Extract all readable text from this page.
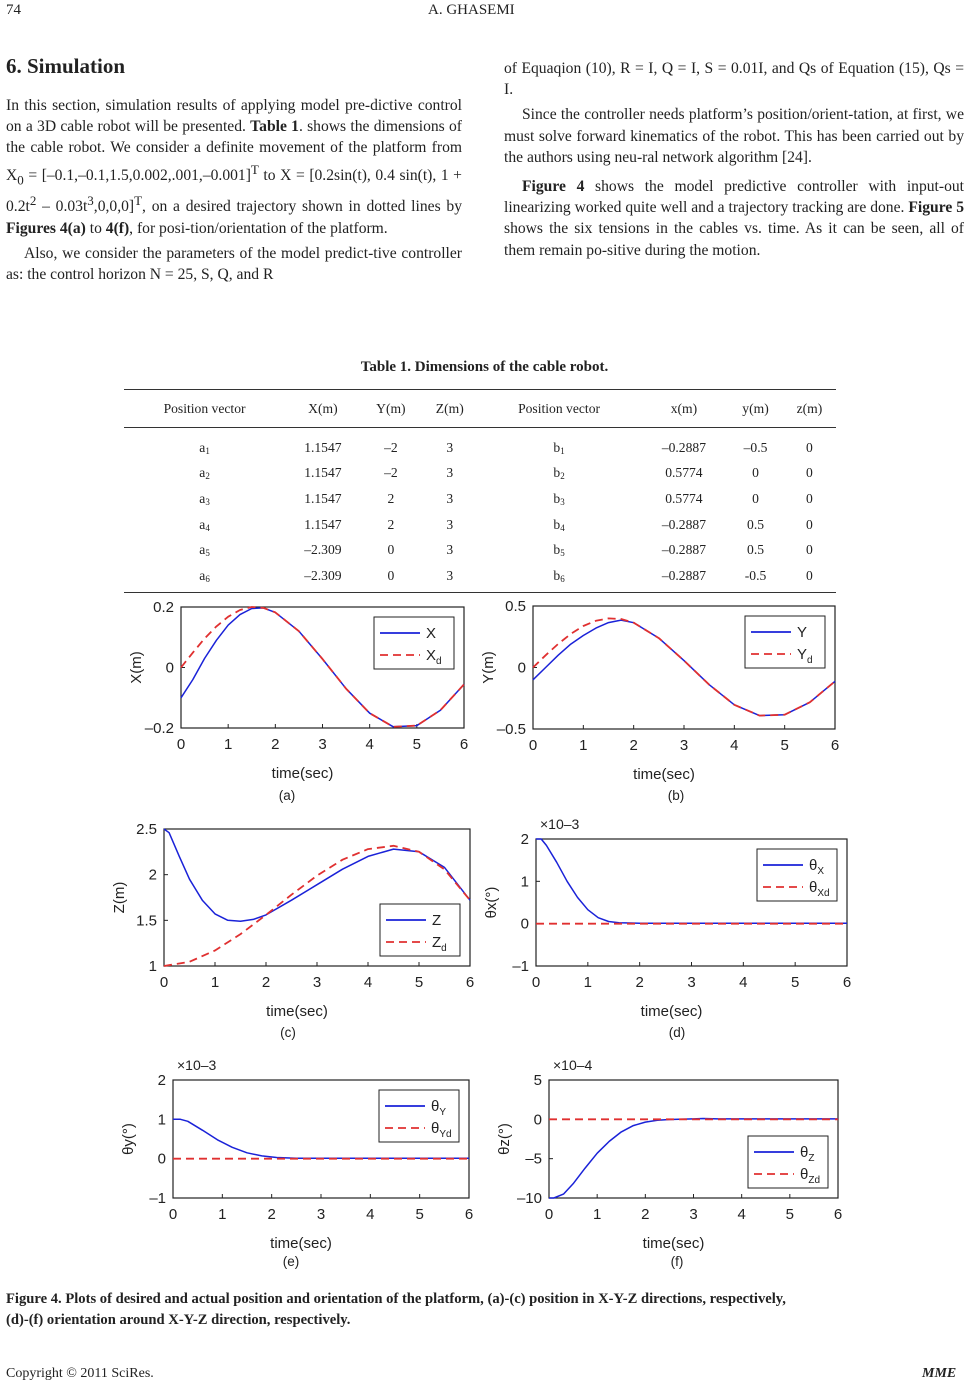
74	A. GHASEMI
6. Simulation

In this section, simulation results of applying model pre-dictive control on a 3D cable robot will be presented. Table 1. shows the dimensions of the cable robot. We consider a definite movement of the platform from $X_0 = [-0.1,-0.1,1.5,0.002,.001,-0.001]^T$ to X = [0.2sin(t), 0.4 sin(t), $1 + 0.2t^2 - 0.03t^3,0,0,0]^T$, on a desired trajectory shown in dotted lines by Figures 4(a) to 4(f), for posi-tion/orientation of the platform.

Also, we consider the parameters of the model predict-tive controller as: the control horizon N = 25, S, Q, and R

of Equaqion (10), R = I, Q = I, S = 0.01I, and Qs of Equation (15), Qs = I.

Since the controller needs platform’s position/orient-tation, at first, we must solve forward kinematics of the robot. This has been carried out by the authors using neu-ral network algorithm [24].

Figure 4 shows the model predictive controller with input-out linearizing worked quite well and a trajectory tracking are done. Figure 5 shows the six tensions in the cables vs. time. As it can be seen, all of them remain po-sitive during the motion.

Table 1. Dimensions of the cable robot.
Position vector	X(m)	Y(m)	Z(m)	Position vector	x(m)	y(m)	z(m)
$a_1$	1.1547	–2	3	$b_1$	–0.2887	–0.5	0
$a_2$	1.1547	–2	3	$b_2$	0.5774	0	0
$a_3$	1.1547	2	3	$b_3$	0.5774	0	0
$a_4$	1.1547	2	3	$b_4$	–0.2887	0.5	0
$a_5$	–2.309	0	3	$b_5$	–0.2887	0.5	0
$a_6$	–2.309	0	3	$b_6$	–0.2887	-0.5	0
0	1	2	3	4	5	6
0.2
0
–0.2
time(sec)
X(m)
X
$X_d$
(a)
0	1	2	3	4	5	6
0.5
0
–0.5
time(sec)
Y(m)
Y
$Y_d$
(b)
0	1	2	3	4	5	6
2.5
2
1.5
1
time(sec)
Z(m)
Z
$Z_d$
(c)
0	1	2	3	4	5	6
2
1
0
–1
time(sec)
θx(°)
×10–3
$\theta_X$
$\theta_{Xd}$
(d)
0	1	2	3	4	5	6
2
1
0
–1
time(sec)
θy(°)
×10–3
$\theta_Y$
$\theta_{Yd}$
(e)
0	1	2	3	4	5	6
5
0
–5
–10
time(sec)
θz(°)
×10–4
$\theta_Z$
$\theta_{Zd}$
(f)
Figure 4. Plots of desired and actual position and orientation of the platform, (a)-(c) position in X-Y-Z directions, respectively,
(d)-(f) orientation around X-Y-Z direction, respectively.
Copyright © 2011 SciRes.	MME
